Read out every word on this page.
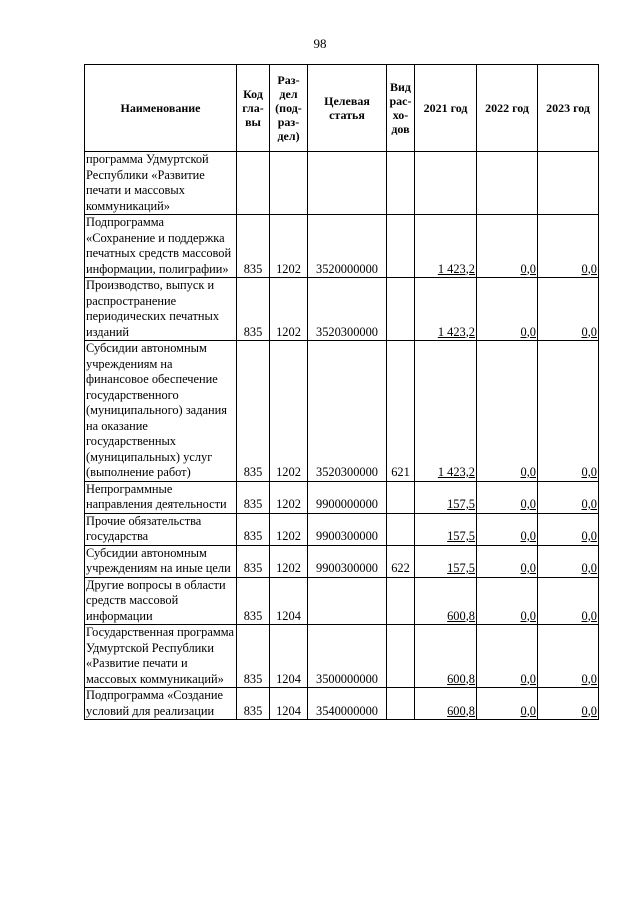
98
Наименование	Код
гла-
вы	Раз-
дел
(под-
раз-
дел)	Целевая
статья	Вид
рас-
хо-
дов	2021 год	2022 год	2023 год
программа Удмуртской Республики «Развитие печати и массовых коммуникаций»							
Подпрограмма «Сохранение и поддержка печатных средств массовой информации, полиграфии»	835	1202	3520000000		1 423,2	0,0	0,0
Производство, выпуск и распространение периодических печатных изданий	835	1202	3520300000		1 423,2	0,0	0,0
Субсидии автономным учреждениям на финансовое обеспечение государственного (муниципального) задания на оказание государственных (муниципальных) услуг (выполнение работ)	835	1202	3520300000	621	1 423,2	0,0	0,0
Непрограммные направления деятельности	835	1202	9900000000		157,5	0,0	0,0
Прочие обязательства государства	835	1202	9900300000		157,5	0,0	0,0
Субсидии автономным учреждениям на иные цели	835	1202	9900300000	622	157,5	0,0	0,0
Другие вопросы в области средств массовой информации	835	1204			600,8	0,0	0,0
Государственная программа Удмуртской Республики «Развитие печати и массовых коммуникаций»	835	1204	3500000000		600,8	0,0	0,0
Подпрограмма «Создание условий для реализации	835	1204	3540000000		600,8	0,0	0,0
